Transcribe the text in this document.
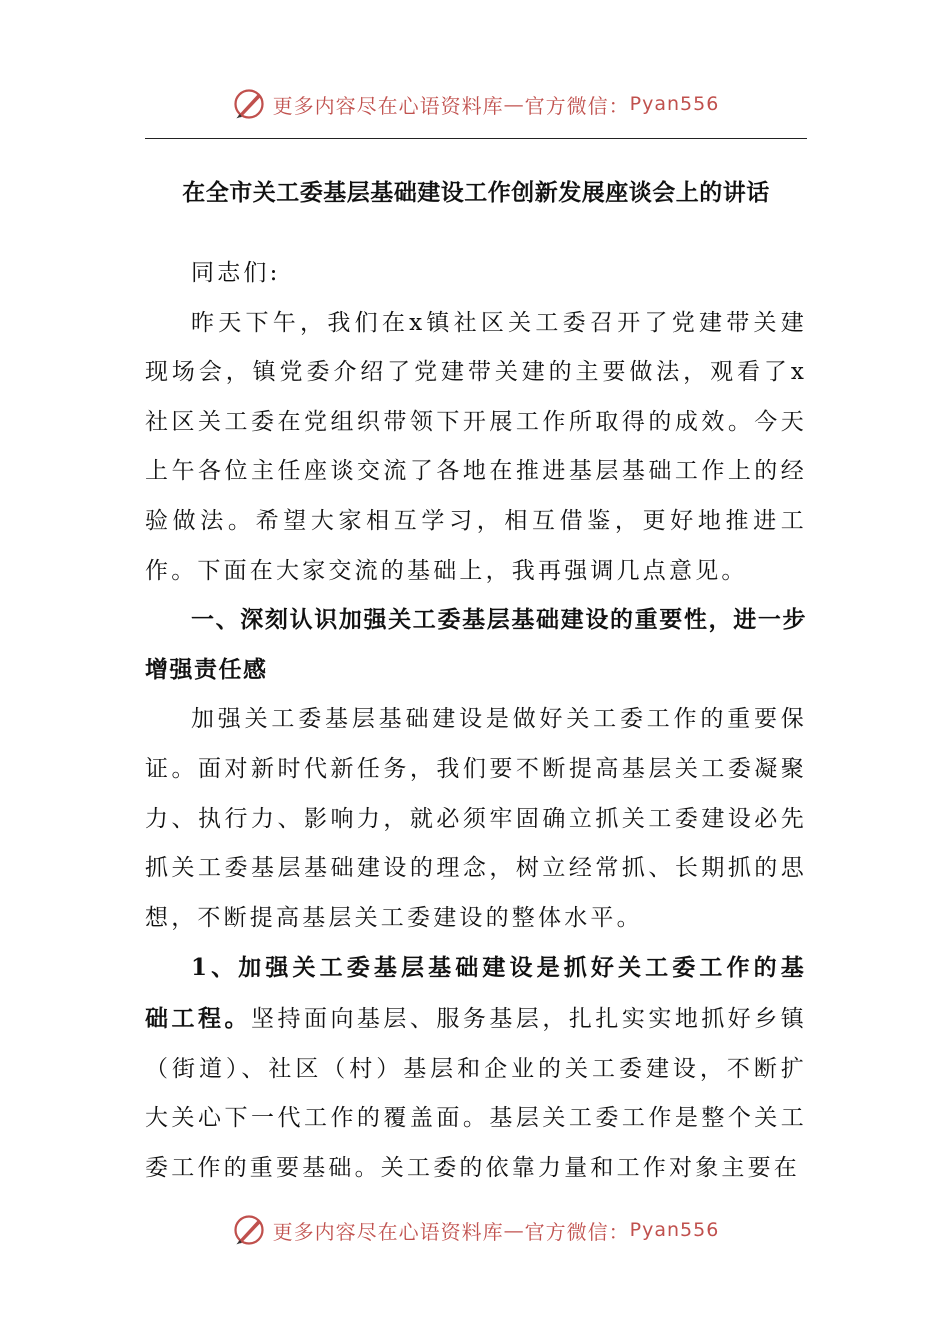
更多内容尽在心语资料库 — 官方微信： Pyan556
在全市关工委基层基础建设工作创新发展座谈会上的讲话

同志们:

昨天下午，我们在x镇社区关工委召开了党建带关建现场会，镇党委介绍了党建带关建的主要做法，观看了x社区关工委在党组织带领下开展工作所取得的成效。今天上午各位主任座谈交流了各地在推进基层基础工作上的经验做法。希望大家相互学习，相互借鉴，更好地推进工作。下面在大家交流的基础上，我再强调几点意见。

一、深刻认识加强关工委基层基础建设的重要性，进一步增强责任感

加强关工委基层基础建设是做好关工委工作的重要保证。面对新时代新任务，我们要不断提高基层关工委凝聚力、执行力、影响力，就必须牢固确立抓关工委建设必先抓关工委基层基础建设的理念，树立经常抓、长期抓的思想，不断提高基层关工委建设的整体水平。

1、加强关工委基层基础建设是抓好关工委工作的基础工程。坚持面向基层、服务基层，扎扎实实地抓好乡镇（街道）、社区（村）基层和企业的关工委建设，不断扩大关心下一代工作的覆盖面。基层关工委工作是整个关工委工作的重要基础。关工委的依靠力量和工作对象主要在

更多内容尽在心语资料库 — 官方微信： Pyan556
